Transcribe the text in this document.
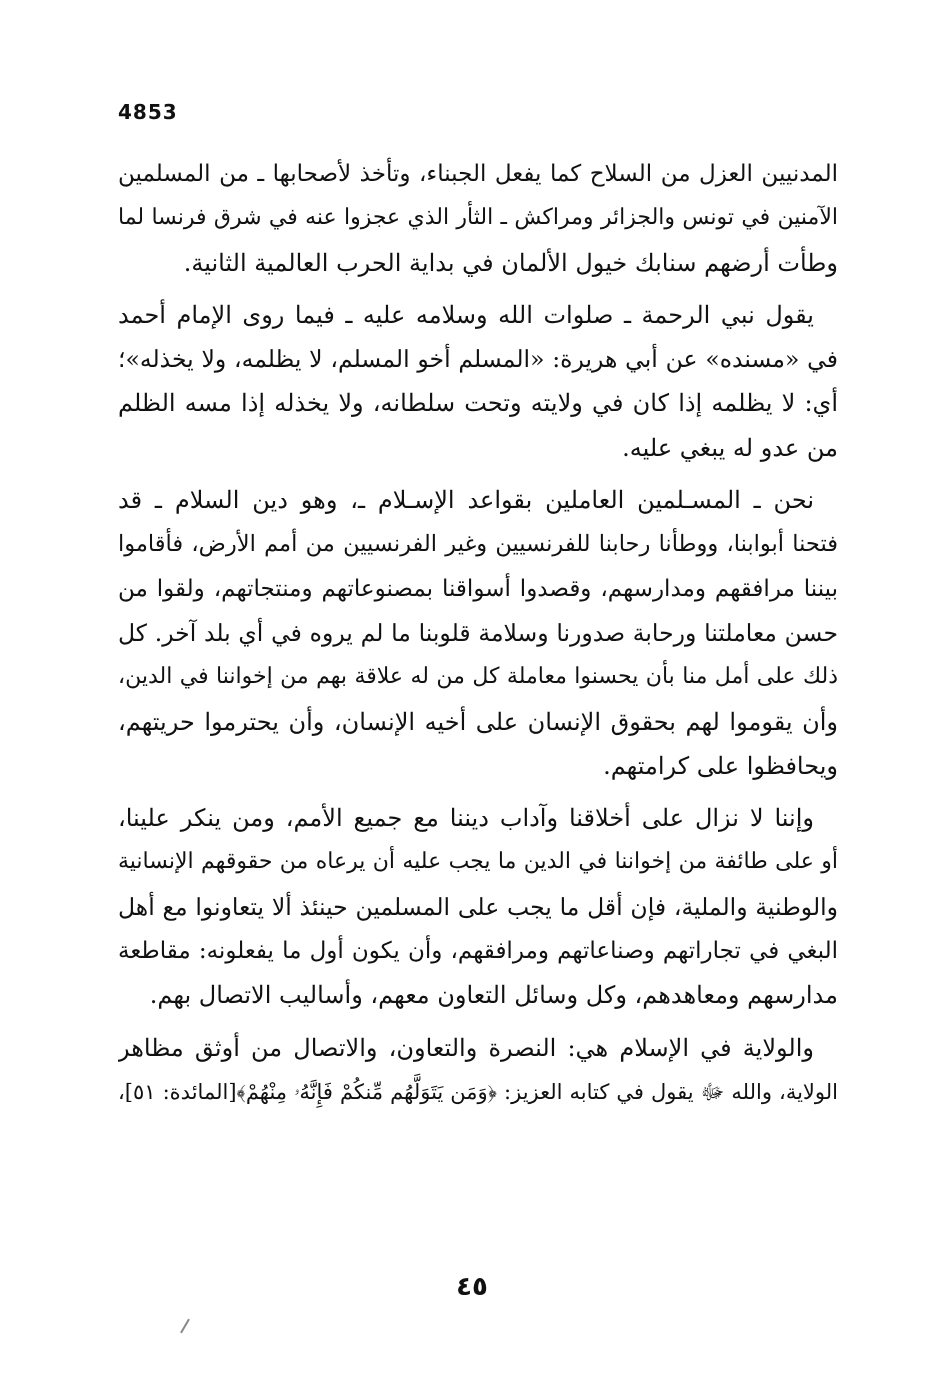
4853
المدنيين العزل من السلاح كما يفعل الجبناء، وتأخذ لأصحابها ـ من المسلمين
الآمنين في تونس والجزائر ومراكش ـ الثأر الذي عجزوا عنه في شرق فرنسا لما
وطأت أرضهم سنابك خيول الألمان في بداية الحرب العالمية الثانية.
يقول نبي الرحمة ـ صلوات الله وسلامه عليه ـ فيما روى الإمام أحمد
في «مسنده» عن أبي هريرة: «المسلم أخو المسلم، لا يظلمه، ولا يخذله»؛
أي: لا يظلمه إذا كان في ولايته وتحت سلطانه، ولا يخذله إذا مسه الظلم
من عدو له يبغي عليه.
نحن ـ المسـلمين العاملين بقواعد الإسـلام ـ، وهو دين السلام ـ قد
فتحنا أبوابنا، ووطأنا رحابنا للفرنسيين وغير الفرنسيين من أمم الأرض، فأقاموا
بيننا مرافقهم ومدارسهم، وقصدوا أسواقنا بمصنوعاتهم ومنتجاتهم، ولقوا من
حسن معاملتنا ورحابة صدورنا وسلامة قلوبنا ما لم يروه في أي بلد آخر. كل
ذلك على أمل منا بأن يحسنوا معاملة كل من له علاقة بهم من إخواننا في الدين،
وأن يقوموا لهم بحقوق الإنسان على أخيه الإنسان، وأن يحترموا حريتهم،
ويحافظوا على كرامتهم.
وإننا لا نزال على أخلاقنا وآداب ديننا مع جميع الأمم، ومن ينكر علينا،
أو على طائفة من إخواننا في الدين ما يجب عليه أن يرعاه من حقوقهم الإنسانية
والوطنية والملية، فإن أقل ما يجب على المسلمين حينئذ ألا يتعاونوا مع أهل
البغي في تجاراتهم وصناعاتهم ومرافقهم، وأن يكون أول ما يفعلونه: مقاطعة
مدارسهم ومعاهدهم، وكل وسائل التعاون معهم، وأساليب الاتصال بهم.
والولاية في الإسلام هي: النصرة والتعاون، والاتصال من أوثق مظاهر
الولاية، والله ﷻ يقول في كتابه العزيز: ﴿وَمَن يَتَوَلَّهُم مِّنكُمْ فَإِنَّهُۥ مِنْهُمْ﴾[المائدة: ٥١]،
٤٥
